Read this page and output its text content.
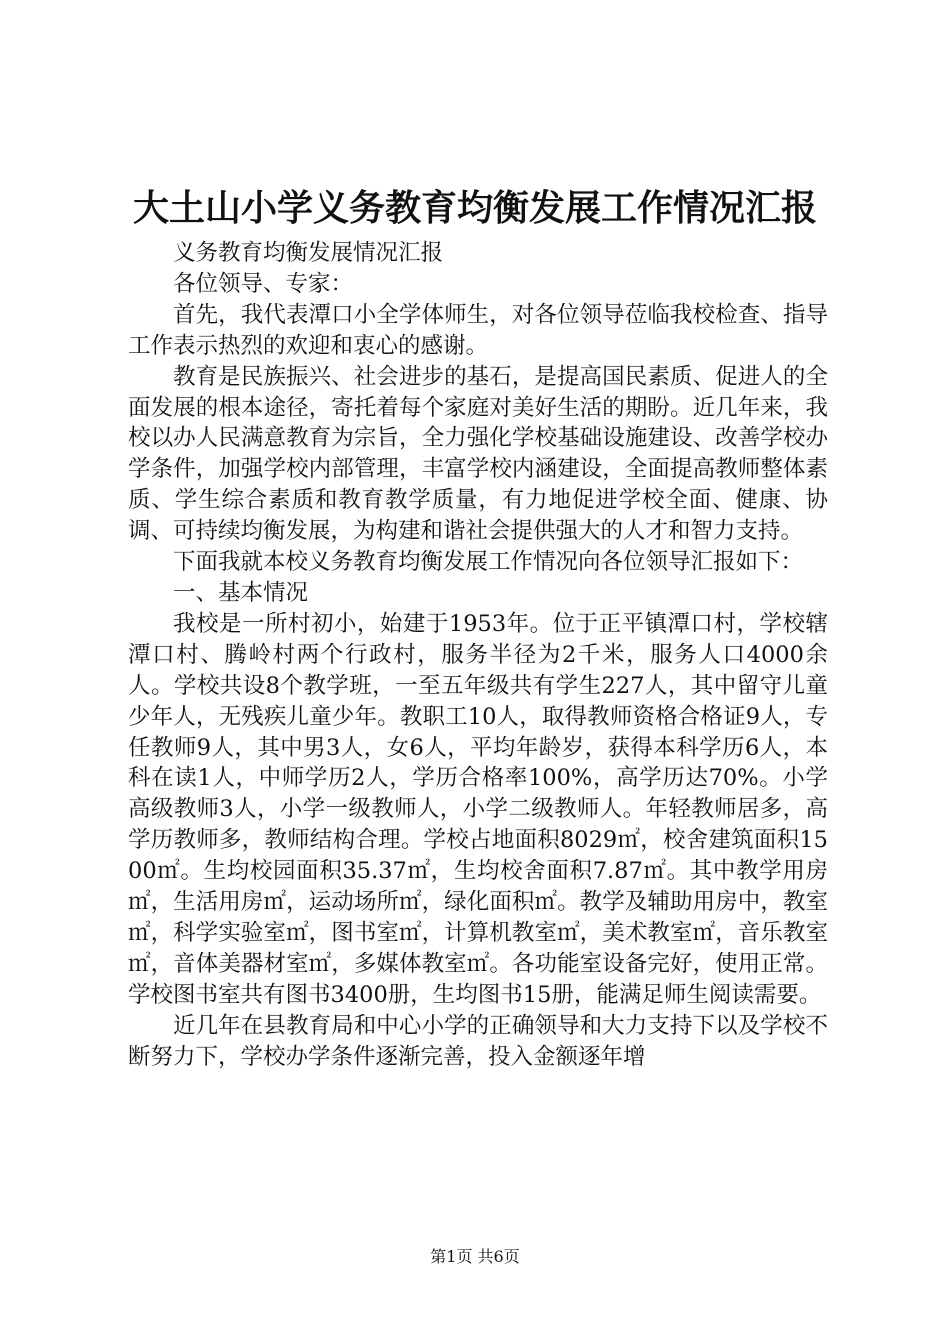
大土山小学义务教育均衡发展工作情况汇报

义务教育均衡发展情况汇报

各位领导、专家：

首先，我代表潭口小全学体师生，对各位领导莅临我校检查、指导工作表示热烈的欢迎和衷心的感谢。

教育是民族振兴、社会进步的基石，是提高国民素质、促进人的全面发展的根本途径，寄托着每个家庭对美好生活的期盼。近几年来，我校以办人民满意教育为宗旨，全力强化学校基础设施建设、改善学校办学条件，加强学校内部管理，丰富学校内涵建设，全面提高教师整体素质、学生综合素质和教育教学质量，有力地促进学校全面、健康、协调、可持续均衡发展，为构建和谐社会提供强大的人才和智力支持。

下面我就本校义务教育均衡发展工作情况向各位领导汇报如下：

一、基本情况

我校是一所村初小，始建于1953年。位于正平镇潭口村，学校辖潭口村、腾岭村两个行政村，服务半径为2千米，服务人口4000余人。学校共设8个教学班，一至五年级共有学生227人，其中留守儿童少年人，无残疾儿童少年。教职工10人，取得教师资格合格证9人，专任教师9人，其中男3人，女6人，平均年龄岁，获得本科学历6人，本科在读1人，中师学历2人，学历合格率100%，高学历达70%。小学高级教师3人，小学一级教师人，小学二级教师人。年轻教师居多，高学历教师多，教师结构合理。学校占地面积8029㎡，校舍建筑面积1500㎡。生均校园面积35.37㎡，生均校舍面积7.87㎡。其中教学用房㎡，生活用房㎡，运动场所㎡，绿化面积㎡。教学及辅助用房中，教室㎡，科学实验室㎡，图书室㎡，计算机教室㎡，美术教室㎡，音乐教室㎡，音体美器材室㎡，多媒体教室㎡。各功能室设备完好，使用正常。学校图书室共有图书3400册，生均图书15册，能满足师生阅读需要。

近几年在县教育局和中心小学的正确领导和大力支持下以及学校不断努力下，学校办学条件逐渐完善，投入金额逐年增

第1页 共6页
